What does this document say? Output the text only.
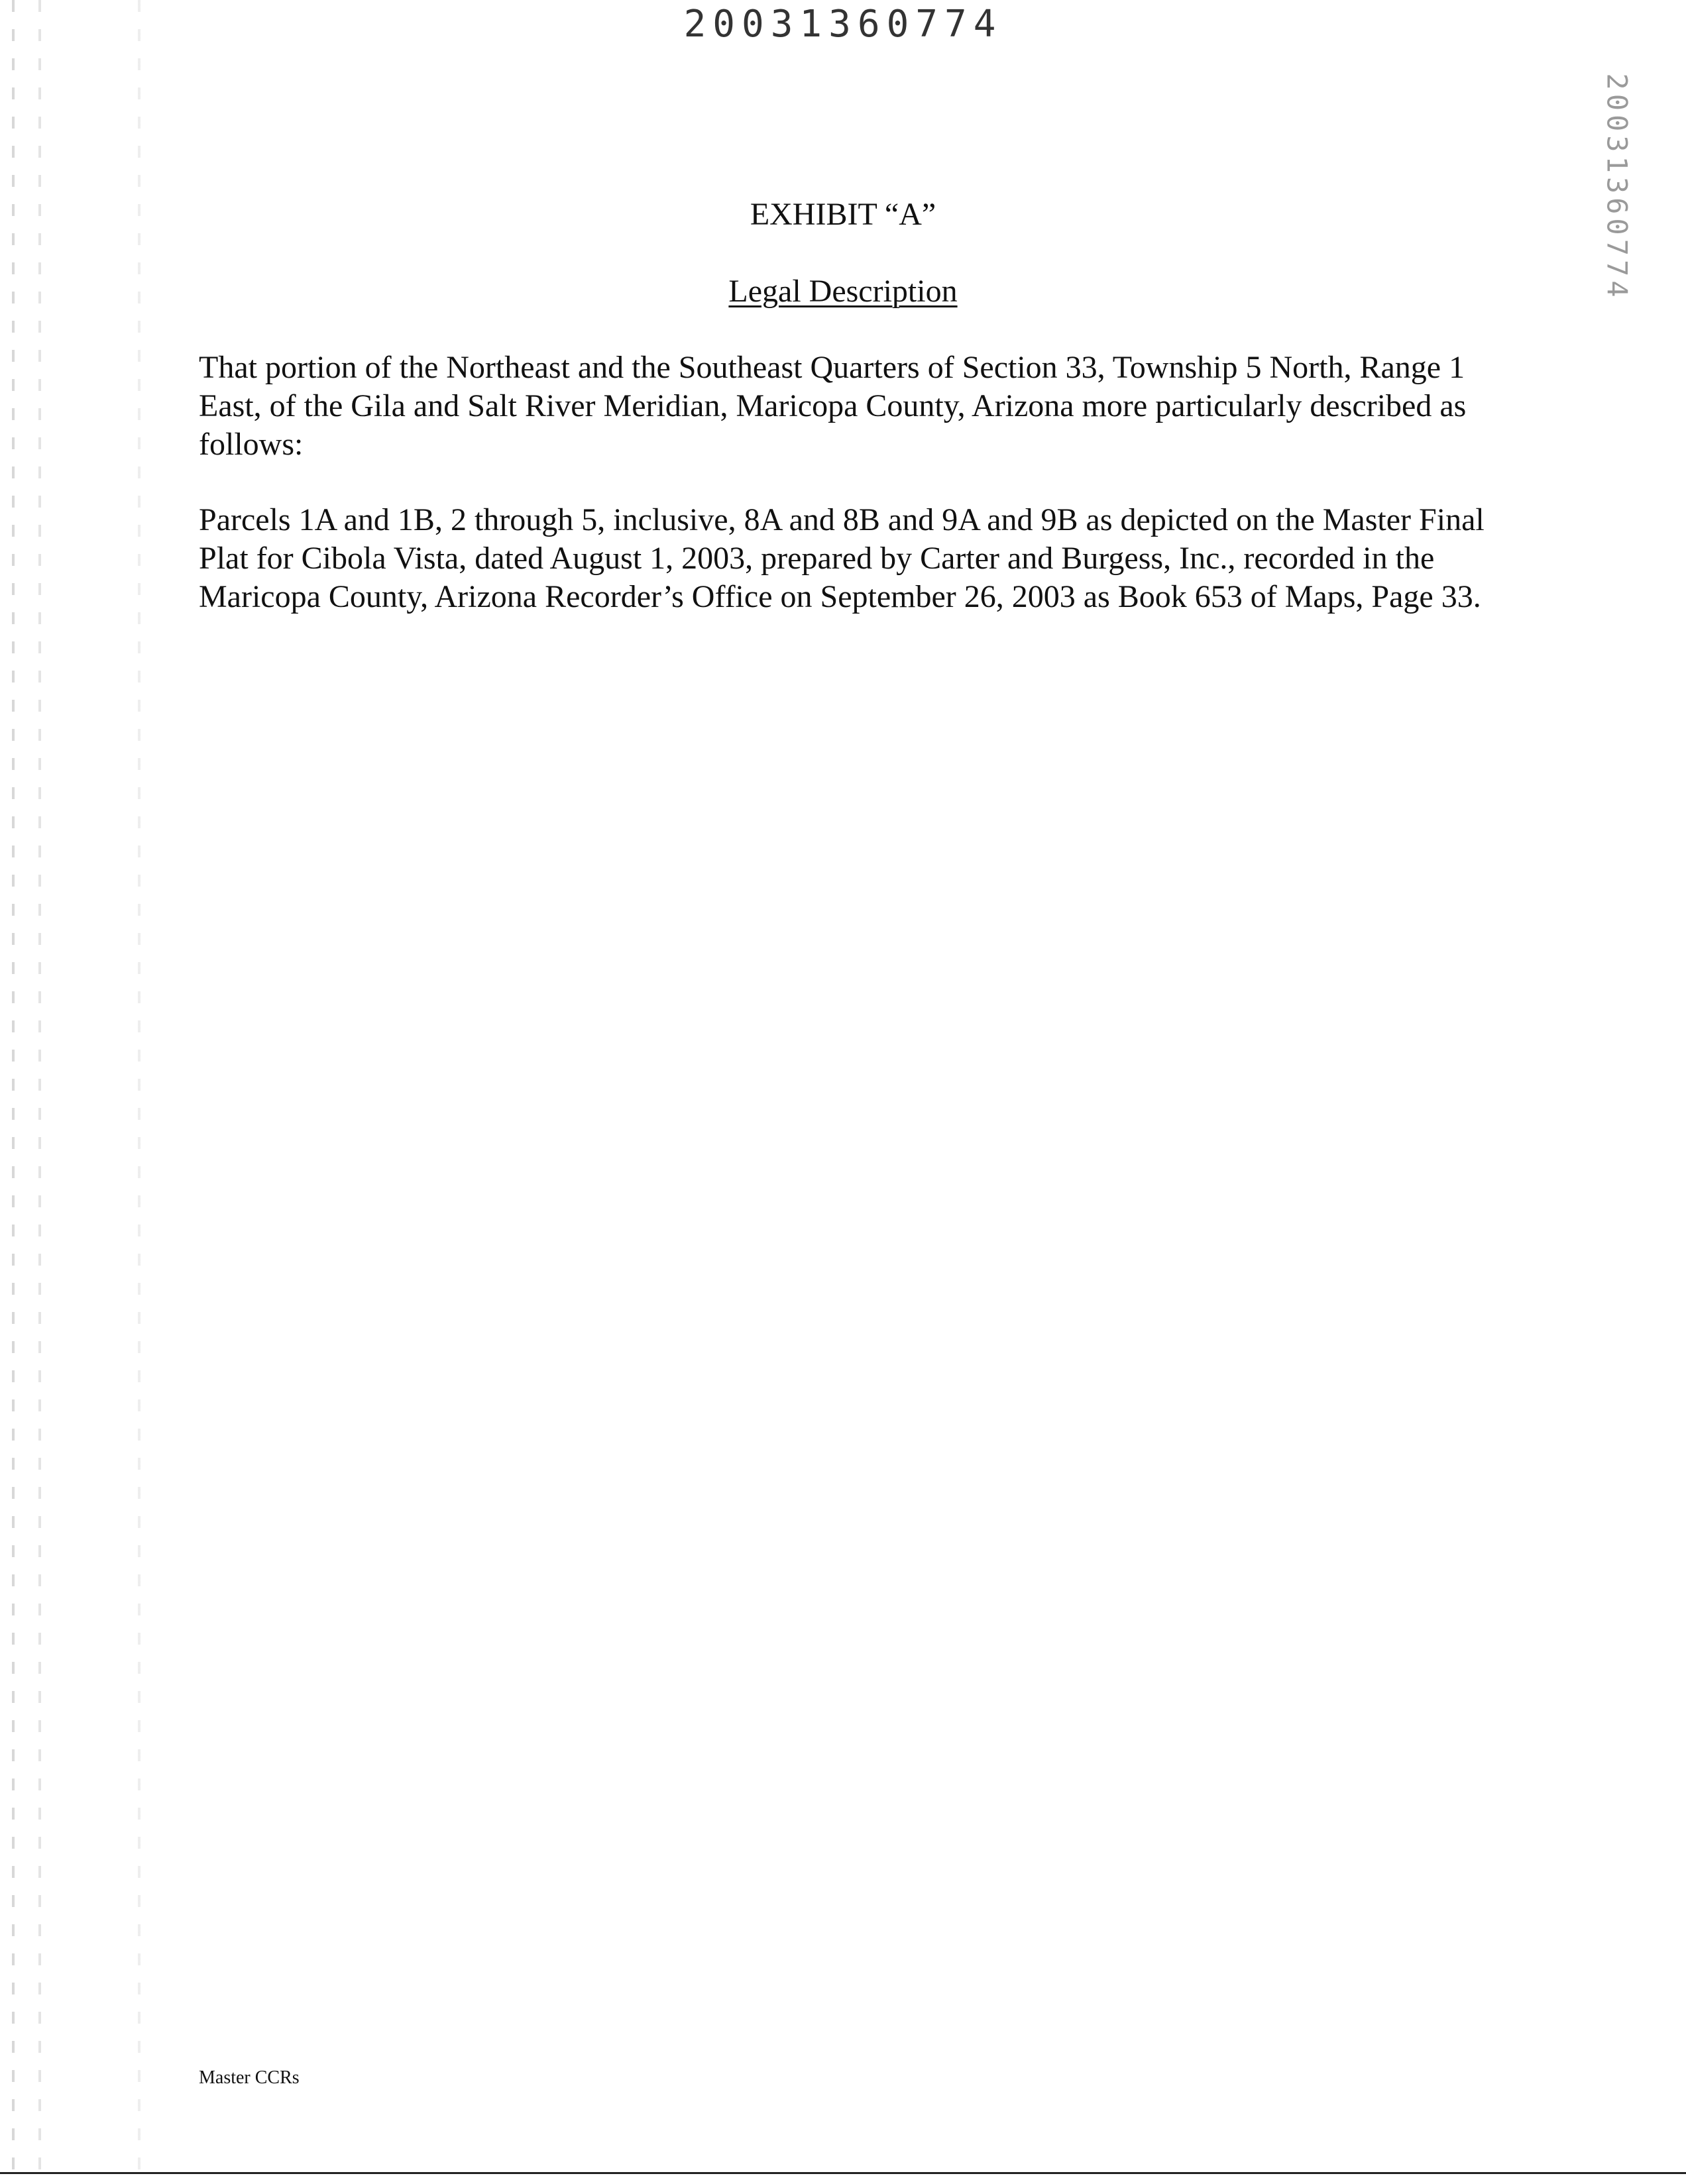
20031360774
20031360774
EXHIBIT “A”
Legal Description

That portion of the Northeast and the Southeast Quarters of Section 33, Township 5 North, Range 1 East, of the Gila and Salt River Meridian, Maricopa County, Arizona more particularly described as follows:

Parcels 1A and 1B, 2 through 5, inclusive, 8A and 8B and 9A and 9B as depicted on the Master Final Plat for Cibola Vista, dated August 1, 2003, prepared by Carter and Burgess, Inc., recorded in the Maricopa County, Arizona Recorder’s Office on September 26, 2003 as Book 653 of Maps, Page 33.

Master CCRs
